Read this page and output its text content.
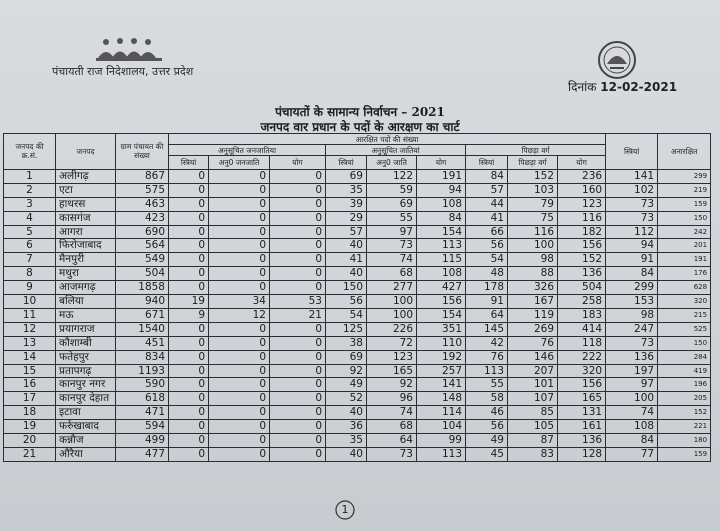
पंचायती राज निदेशालय, उत्तर प्रदेश
दिनांक 12-02-2021
पंचायतों के सामान्य निर्वाचन – 2021
जनपद वार प्रधान के पदों के आरक्षण का चार्ट
जनपद की क्र.सं.	जनपद	ग्राम पंचायत की संख्या	आरक्षित पदों की संख्या									स्त्रियां	अनारक्षित
			अनुसूचित जनजातिया			अनुसूचित जातियां			पिछड़ा वर्ग				
			स्त्रियां	अनु0 जनजाति	योग	स्त्रियां	अनु0 जाति	योग	स्त्रियां	पिछड़ा वर्ग	योग		
1	अलीगढ़	867	0	0	0	69	122	191	84	152	236	141	299
2	एटा	575	0	0	0	35	59	94	57	103	160	102	219
3	हाथरस	463	0	0	0	39	69	108	44	79	123	73	159
4	कासगंज	423	0	0	0	29	55	84	41	75	116	73	150
5	आगरा	690	0	0	0	57	97	154	66	116	182	112	242
6	फिरोजाबाद	564	0	0	0	40	73	113	56	100	156	94	201
7	मैनपुरी	549	0	0	0	41	74	115	54	98	152	91	191
8	मथुरा	504	0	0	0	40	68	108	48	88	136	84	176
9	आजमगढ़	1858	0	0	0	150	277	427	178	326	504	299	628
10	बलिया	940	19	34	53	56	100	156	91	167	258	153	320
11	मऊ	671	9	12	21	54	100	154	64	119	183	98	215
12	प्रयागराज	1540	0	0	0	125	226	351	145	269	414	247	525
13	कौशाम्बी	451	0	0	0	38	72	110	42	76	118	73	150
14	फतेहपुर	834	0	0	0	69	123	192	76	146	222	136	284
15	प्रतापगढ़	1193	0	0	0	92	165	257	113	207	320	197	419
16	कानपुर नगर	590	0	0	0	49	92	141	55	101	156	97	196
17	कानपुर देहात	618	0	0	0	52	96	148	58	107	165	100	205
18	इटावा	471	0	0	0	40	74	114	46	85	131	74	152
19	फर्रुखाबाद	594	0	0	0	36	68	104	56	105	161	108	221
20	कन्नौज	499	0	0	0	35	64	99	49	87	136	84	180
21	औरैया	477	0	0	0	40	73	113	45	83	128	77	159
1
